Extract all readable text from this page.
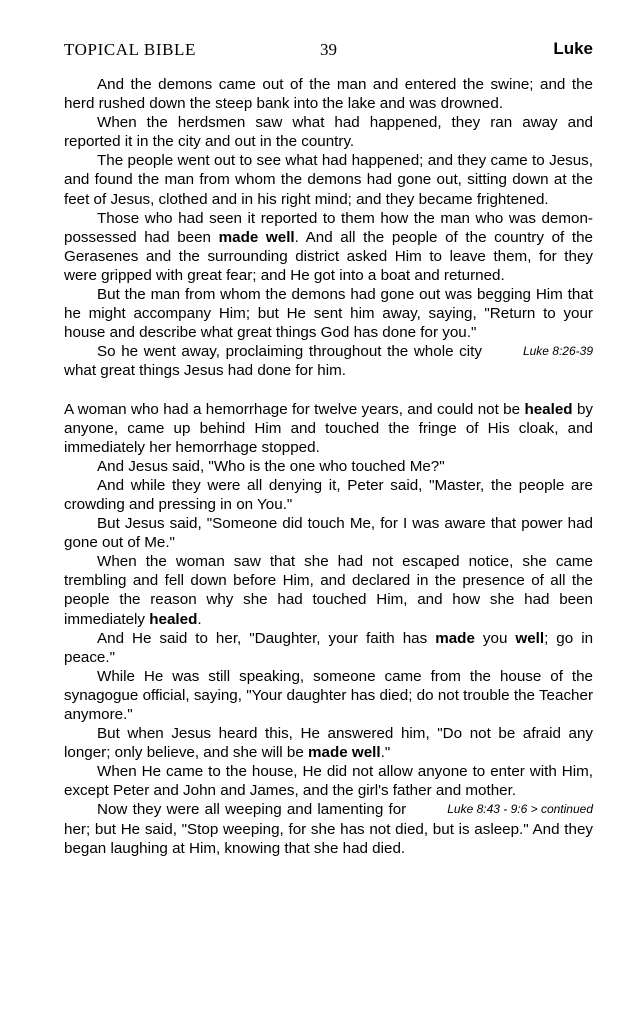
TOPICAL BIBLE	39	Luke

And the demons came out of the man and entered the swine; and the herd rushed down the steep bank into the lake and was drowned.

When the herdsmen saw what had happened, they ran away and reported it in the city and out in the country.

The people went out to see what had happened; and they came to Jesus, and found the man from whom the demons had gone out, sitting down at the feet of Jesus, clothed and in his right mind; and they became frightened.

Those who had seen it reported to them how the man who was demon-possessed had been made well. And all the people of the country of the Gerasenes and the surrounding district asked Him to leave them, for they were gripped with great fear; and He got into a boat and returned.

But the man from whom the demons had gone out was begging Him that he might accompany Him; but He sent him away, saying, "Return to your house and describe what great things God has done for you."

Luke 8:26-39
So he went away, proclaiming throughout the whole city what great things Jesus had done for him.

A woman who had a hemorrhage for twelve years, and could not be healed by anyone, came up behind Him and touched the fringe of His cloak, and immediately her hemorrhage stopped.

And Jesus said, "Who is the one who touched Me?"

And while they were all denying it, Peter said, "Master, the people are crowding and pressing in on You."

But Jesus said, "Someone did touch Me, for I was aware that power had gone out of Me."

When the woman saw that she had not escaped notice, she came trembling and fell down before Him, and declared in the presence of all the people the reason why she had touched Him, and how she had been immediately healed.

And He said to her, "Daughter, your faith has made you well; go in peace."

While He was still speaking, someone came from the house of the synagogue official, saying, "Your daughter has died; do not trouble the Teacher anymore."

But when Jesus heard this, He answered him, "Do not be afraid any longer; only believe, and she will be made well."

When He came to the house, He did not allow anyone to enter with Him, except Peter and John and James, and the girl's father and mother.

Luke 8:43 - 9:6 > continued
Now they were all weeping and lamenting for her; but He said, "Stop weeping, for she has not died, but is asleep." And they began laughing at Him, knowing that she had died.
